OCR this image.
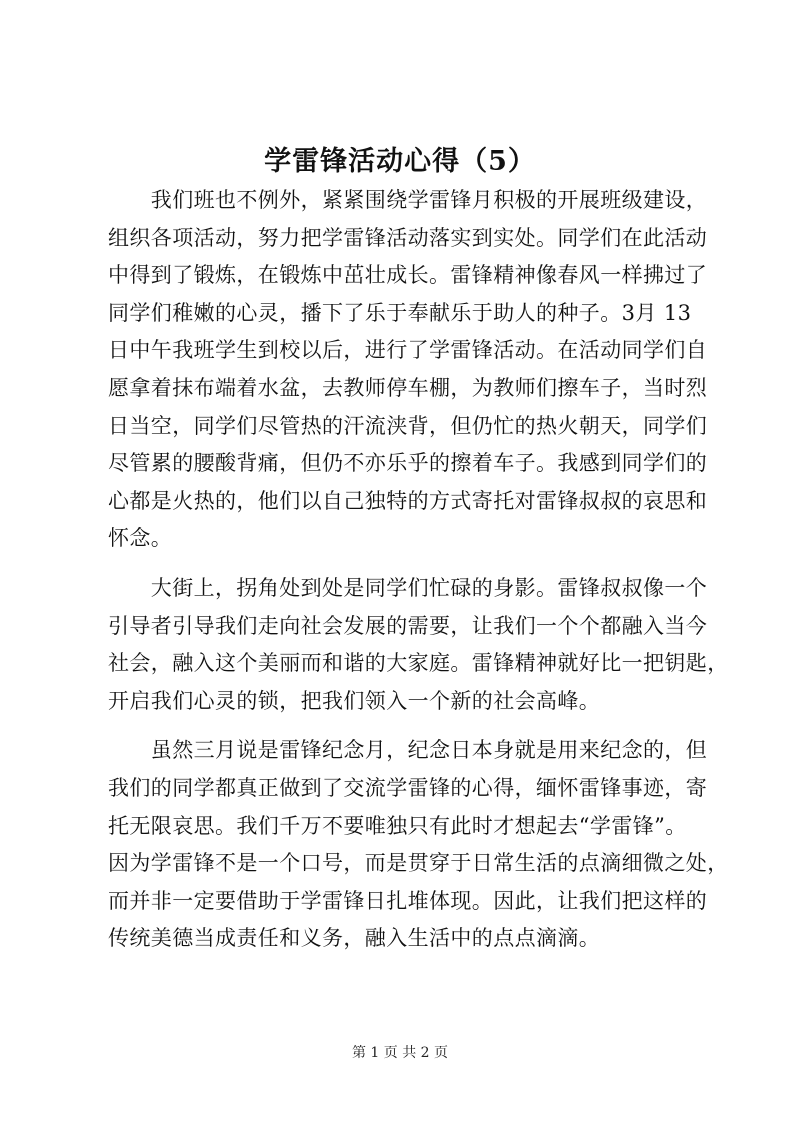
学雷锋活动心得（5）
　　我们班也不例外，紧紧围绕学雷锋月积极的开展班级建设，
组织各项活动，努力把学雷锋活动落实到实处。同学们在此活动
中得到了锻炼，在锻炼中茁壮成长。雷锋精神像春风一样拂过了
同学们稚嫩的心灵，播下了乐于奉献乐于助人的种子。3月 13
日中午我班学生到校以后，进行了学雷锋活动。在活动同学们自
愿拿着抹布端着水盆，去教师停车棚，为教师们擦车子，当时烈
日当空，同学们尽管热的汗流浃背，但仍忙的热火朝天，同学们
尽管累的腰酸背痛，但仍不亦乐乎的擦着车子。我感到同学们的
心都是火热的，他们以自己独特的方式寄托对雷锋叔叔的哀思和
怀念。
　　大街上，拐角处到处是同学们忙碌的身影。雷锋叔叔像一个
引导者引导我们走向社会发展的需要，让我们一个个都融入当今
社会，融入这个美丽而和谐的大家庭。雷锋精神就好比一把钥匙，
开启我们心灵的锁，把我们领入一个新的社会高峰。
　　虽然三月说是雷锋纪念月，纪念日本身就是用来纪念的，但
我们的同学都真正做到了交流学雷锋的心得，缅怀雷锋事迹，寄
托无限哀思。我们千万不要唯独只有此时才想起去“学雷锋”。
因为学雷锋不是一个口号，而是贯穿于日常生活的点滴细微之处，
而并非一定要借助于学雷锋日扎堆体现。因此，让我们把这样的
传统美德当成责任和义务，融入生活中的点点滴滴。
第 1 页 共 2 页
